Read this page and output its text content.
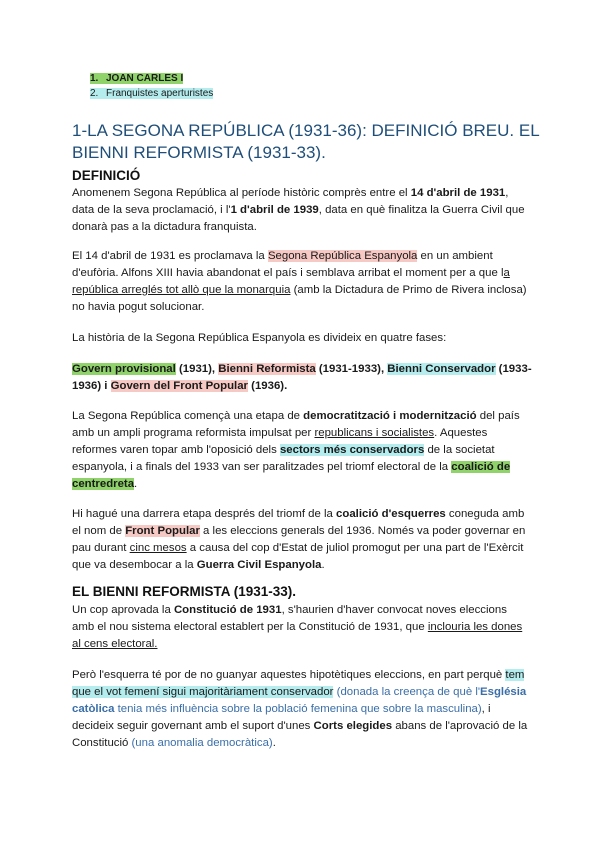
1. JOAN CARLES I
2. Franquistes aperturistes
1-LA SEGONA REPÚBLICA (1931-36): DEFINICIÓ BREU. EL BIENNI REFORMISTA (1931-33).
DEFINICIÓ

Anomenem Segona República al període històric comprès entre el 14 d'abril de 1931, data de la seva proclamació, i l'1 d'abril de 1939, data en què finalitza la Guerra Civil que donarà pas a la dictadura franquista.

El 14 d'abril de 1931 es proclamava la Segona República Espanyola en un ambient d'eufòria. Alfons XIII havia abandonat el país i semblava arribat el moment per a que la república arreglés tot allò que la monarquia (amb la Dictadura de Primo de Rivera inclosa) no havia pogut solucionar.

La història de la Segona República Espanyola es divideix en quatre fases:

Govern provisional (1931), Bienni Reformista (1931-1933), Bienni Conservador (1933-1936) i Govern del Front Popular (1936).

La Segona República començà una etapa de democratització i modernització del país amb un ampli programa reformista impulsat per republicans i socialistes. Aquestes reformes varen topar amb l'oposició dels sectors més conservadors de la societat espanyola, i a finals del 1933 van ser paralitzades pel triomf electoral de la coalició de centredreta.

Hi hagué una darrera etapa després del triomf de la coalició d'esquerres coneguda amb el nom de Front Popular a les eleccions generals del 1936. Només va poder governar en pau durant cinc mesos a causa del cop d'Estat de juliol promogut per una part de l'Exèrcit que va desembocar a la Guerra Civil Espanyola.

EL BIENNI REFORMISTA (1931-33).

Un cop aprovada la Constitució de 1931, s'haurien d'haver convocat noves eleccions amb el nou sistema electoral establert per la Constitució de 1931, que inclouria les dones al cens electoral.

Però l'esquerra té por de no guanyar aquestes hipotètiques eleccions, en part perquè tem que el vot femení sigui majoritàriament conservador (donada la creença de què l'Església catòlica tenia més influència sobre la població femenina que sobre la masculina), i decideix seguir governant amb el suport d'unes Corts elegides abans de l'aprovació de la Constitució (una anomalia democràtica).
